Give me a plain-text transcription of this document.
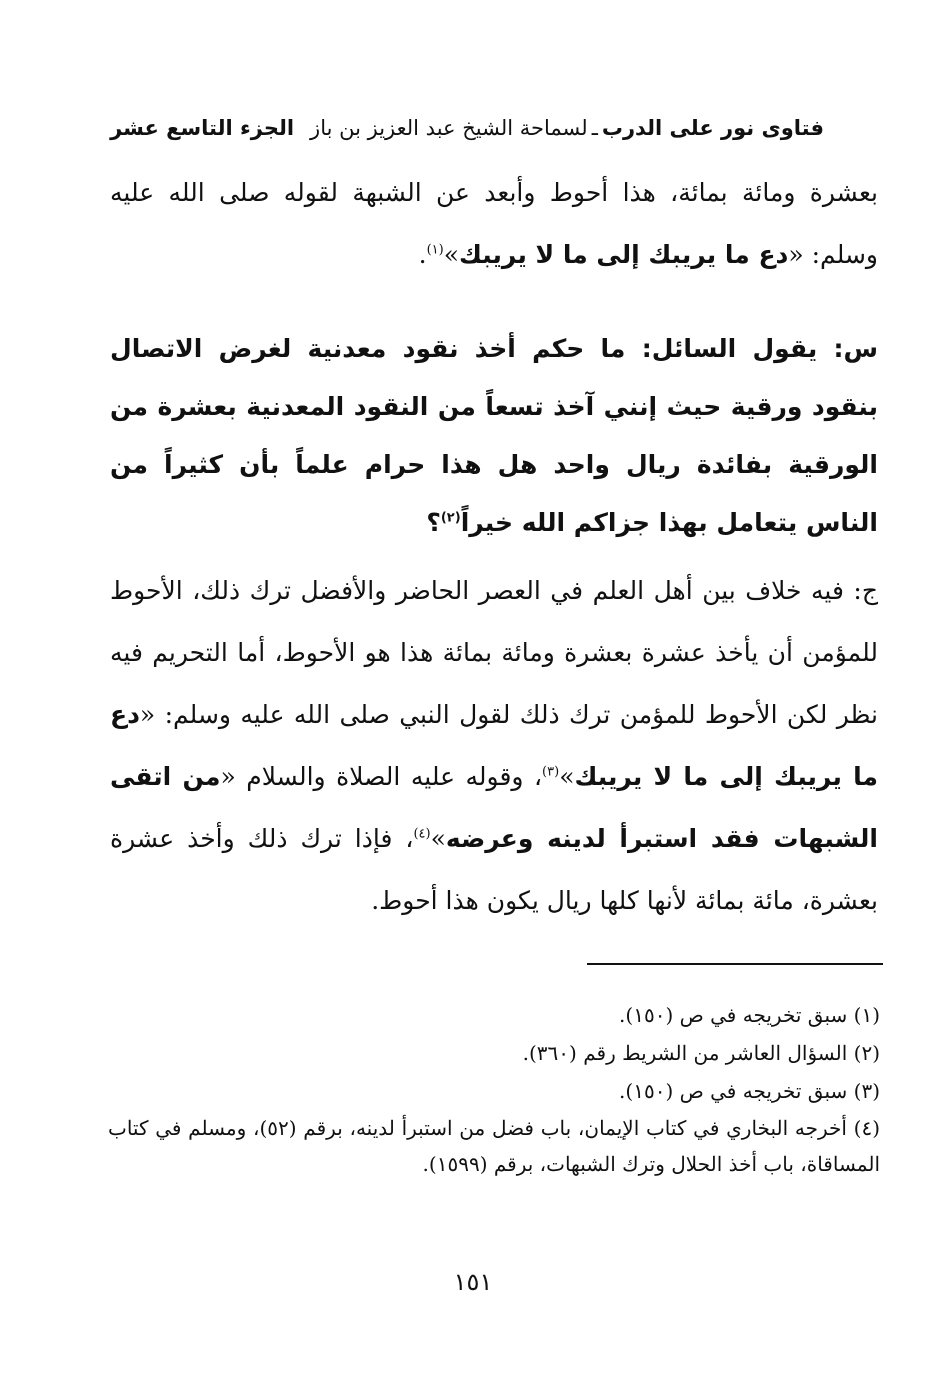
فتاوى نور على الدرب
ـ
لسماحة الشيخ عبد العزيز بن باز
الجزء التاسع عشر

بعشرة ومائة بمائة، هذا أحوط وأبعد عن الشبهة لقوله صلى الله عليه وسلم: «دع ما يريبك إلى ما لا يريبك»$^{(١)}$.

س: يقول السائل: ما حكم أخذ نقود معدنية لغرض الاتصال بنقود ورقية حيث إنني آخذ تسعاً من النقود المعدنية بعشرة من الورقية بفائدة ريال واحد هل هذا حرام علماً بأن كثيراً من الناس يتعامل بهذا جزاكم الله خيراً$^{(٢)}$؟

ج: فيه خلاف بين أهل العلم في العصر الحاضر والأفضل ترك ذلك، الأحوط للمؤمن أن يأخذ عشرة بعشرة ومائة بمائة هذا هو الأحوط، أما التحريم فيه نظر لكن الأحوط للمؤمن ترك ذلك لقول النبي صلى الله عليه وسلم: «دع ما يريبك إلى ما لا يريبك»$^{(٣)}$، وقوله عليه الصلاة والسلام «من اتقى الشبهات فقد استبرأ لدينه وعرضه»$^{(٤)}$، فإذا ترك ذلك وأخذ عشرة بعشرة، مائة بمائة لأنها كلها ريال يكون هذا أحوط.

(١) سبق تخريجه في ص (١٥٠).

(٢) السؤال العاشر من الشريط رقم (٣٦٠).

(٣) سبق تخريجه في ص (١٥٠).

(٤) أخرجه البخاري في كتاب الإيمان، باب فضل من استبرأ لدينه، برقم (٥٢)، ومسلم في كتاب المساقاة، باب أخذ الحلال وترك الشبهات، برقم (١٥٩٩).

١٥١
